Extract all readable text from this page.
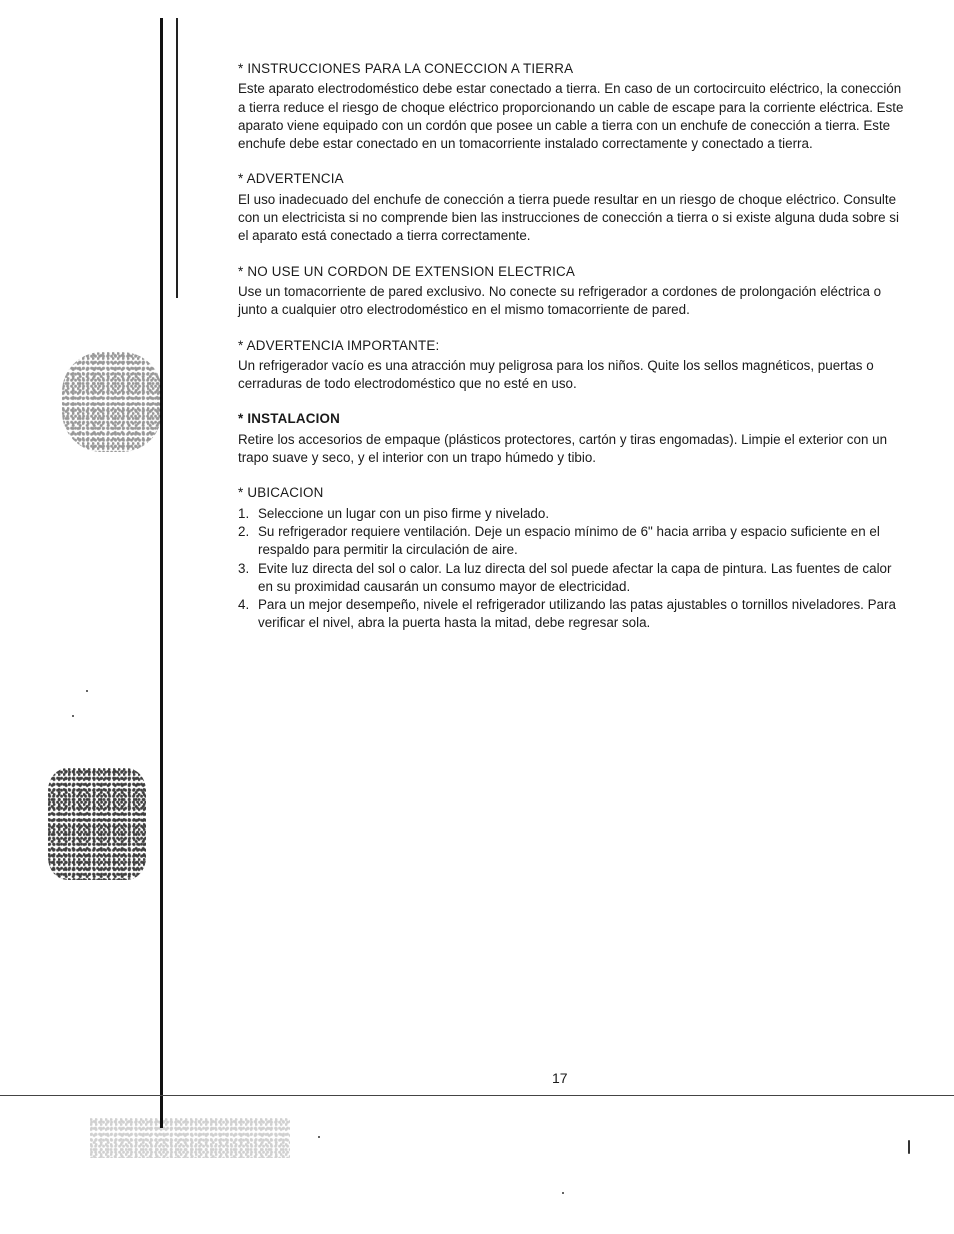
* INSTRUCCIONES PARA LA CONECCION A TIERRA

Este aparato electrodoméstico debe estar conectado a tierra. En caso de un cortocircuito eléctrico, la conección a tierra reduce el riesgo de choque eléctrico proporcionando un cable de escape para la corriente eléctrica. Este aparato viene equipado con un cordón que posee un cable a tierra con un enchufe de conección a tierra. Este enchufe debe estar conectado en un tomacorriente instalado correctamente y conectado a tierra.

* ADVERTENCIA

El uso inadecuado del enchufe de conección a tierra puede resultar en un riesgo de choque eléctrico. Consulte con un electricista si no comprende bien las instrucciones de conección a tierra o si existe alguna duda sobre si el aparato está conectado a tierra correctamente.

* NO USE UN CORDON DE EXTENSION ELECTRICA

Use un tomacorriente de pared exclusivo. No conecte su refrigerador a cordones de prolongación eléctrica o junto a cualquier otro electrodoméstico en el mismo tomacorriente de pared.

* ADVERTENCIA IMPORTANTE:

Un refrigerador vacío es una atracción muy peligrosa para los niños. Quite los sellos magnéticos, puertas o cerraduras de todo electrodoméstico que no esté en uso.

* INSTALACION

Retire los accesorios de empaque (plásticos protectores, cartón y tiras engomadas). Limpie el exterior con un trapo suave y seco, y el interior con un trapo húmedo y tibio.

* UBICACION
1. Seleccione un lugar con un piso firme y nivelado.
2. Su refrigerador requiere ventilación. Deje un espacio mínimo de 6" hacia arriba y espacio suficiente en el respaldo para permitir la circulación de aire.
3. Evite luz directa del sol o calor. La luz directa del sol puede afectar la capa de pintura. Las fuentes de calor en su proximidad causarán un consumo mayor de electricidad.
4. Para un mejor desempeño, nivele el refrigerador utilizando las patas ajustables o tornillos niveladores. Para verificar el nivel, abra la puerta hasta la mitad, debe regresar sola.
17
